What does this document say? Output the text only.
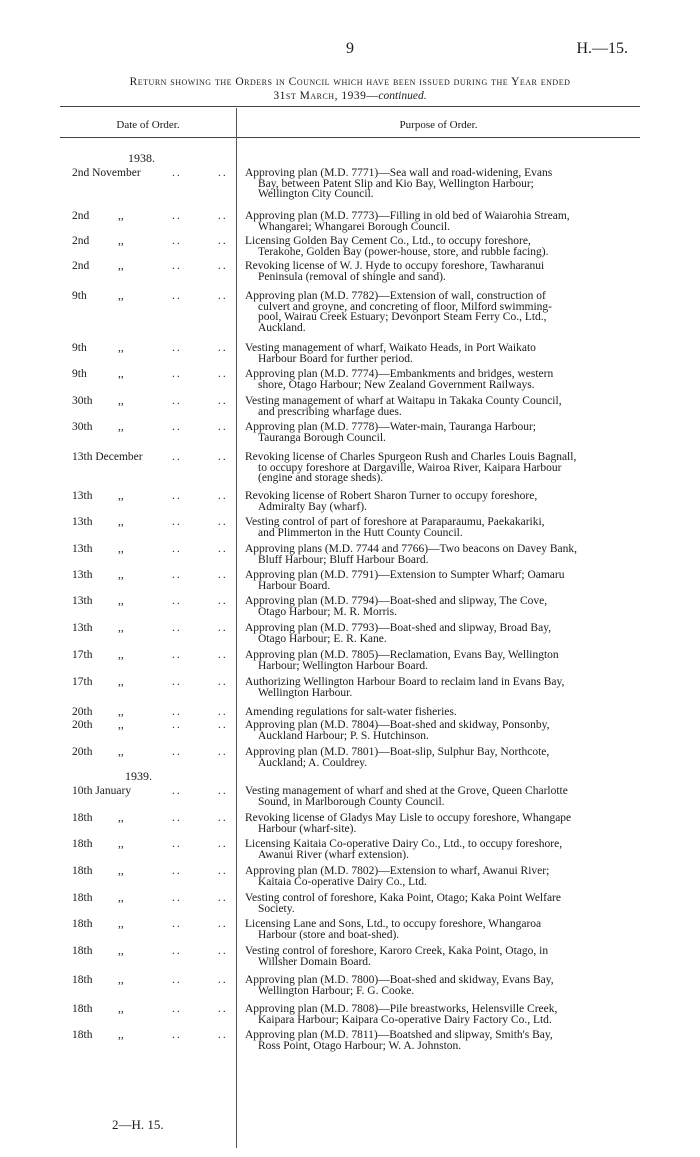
9	H.—15.
Return showing the Orders in Council which have been issued during the Year ended
31st March, 1939—continued.
Date of Order.	Purpose of Order.
1938.
1939.
2nd November	..	.. Approving plan (M.D. 7771)—Sea wall and road-widening, Evans
Bay, between Patent Slip and Kio Bay, Wellington Harbour;
Wellington City Council.
2nd	,,	..	.. Approving plan (M.D. 7773)—Filling in old bed of Waiarohia Stream,
Whangarei; Whangarei Borough Council.
2nd	,,	..	.. Licensing Golden Bay Cement Co., Ltd., to occupy foreshore,
Terakohe, Golden Bay (power-house, store, and rubble facing).
2nd	,,	..	.. Revoking license of W. J. Hyde to occupy foreshore, Tawharanui
Peninsula (removal of shingle and sand).
9th	,,	..	.. Approving plan (M.D. 7782)—Extension of wall, construction of
culvert and groyne, and concreting of floor, Milford swimming-
pool, Wairau Creek Estuary; Devonport Steam Ferry Co., Ltd.,
Auckland.
9th	,,	..	.. Vesting management of wharf, Waikato Heads, in Port Waikato
Harbour Board for further period.
9th	,,	..	.. Approving plan (M.D. 7774)—Embankments and bridges, western
shore, Otago Harbour; New Zealand Government Railways.
30th ,,	..	.. Vesting management of wharf at Waitapu in Takaka County Council,
and prescribing wharfage dues.
30th ,,	..	.. Approving plan (M.D. 7778)—Water-main, Tauranga Harbour;
Tauranga Borough Council.
13th December	..	.. Revoking license of Charles Spurgeon Rush and Charles Louis Bagnall,
to occupy foreshore at Dargaville, Wairoa River, Kaipara Harbour
(engine and storage sheds).
13th ,,	..	.. Revoking license of Robert Sharon Turner to occupy foreshore,
Admiralty Bay (wharf).
13th ,,	..	.. Vesting control of part of foreshore at Paraparaumu, Paekakariki,
and Plimmerton in the Hutt County Council.
13th ,,	..	.. Approving plans (M.D. 7744 and 7766)—Two beacons on Davey Bank,
Bluff Harbour; Bluff Harbour Board.
13th ,,	..	.. Approving plan (M.D. 7791)—Extension to Sumpter Wharf; Oamaru
Harbour Board.
13th ,,	..	.. Approving plan (M.D. 7794)—Boat-shed and slipway, The Cove,
Otago Harbour; M. R. Morris.
13th ,,	..	.. Approving plan (M.D. 7793)—Boat-shed and slipway, Broad Bay,
Otago Harbour; E. R. Kane.
17th ,,	..	.. Approving plan (M.D. 7805)—Reclamation, Evans Bay, Wellington
Harbour; Wellington Harbour Board.
17th ,,	..	.. Authorizing Wellington Harbour Board to reclaim land in Evans Bay,
Wellington Harbour.
20th ,,	..	.. Amending regulations for salt-water fisheries.
20th ,,	..	.. Approving plan (M.D. 7804)—Boat-shed and skidway, Ponsonby,
Auckland Harbour; P. S. Hutchinson.
20th ,,	..	.. Approving plan (M.D. 7801)—Boat-slip, Sulphur Bay, Northcote,
Auckland; A. Couldrey.
10th January	..	.. Vesting management of wharf and shed at the Grove, Queen Charlotte
Sound, in Marlborough County Council.
18th ,,	..	.. Revoking license of Gladys May Lisle to occupy foreshore, Whangape
Harbour (wharf-site).
18th ,,	..	.. Licensing Kaitaia Co-operative Dairy Co., Ltd., to occupy foreshore,
Awanui River (wharf extension).
18th ,,	..	.. Approving plan (M.D. 7802)—Extension to wharf, Awanui River;
Kaitaia Co-operative Dairy Co., Ltd.
18th ,,	..	.. Vesting control of foreshore, Kaka Point, Otago; Kaka Point Welfare
Society.
18th ,,	..	.. Licensing Lane and Sons, Ltd., to occupy foreshore, Whangaroa
Harbour (store and boat-shed).
18th ,,	..	.. Vesting control of foreshore, Karoro Creek, Kaka Point, Otago, in
Willsher Domain Board.
18th ,,	..	.. Approving plan (M.D. 7800)—Boat-shed and skidway, Evans Bay,
Wellington Harbour; F. G. Cooke.
18th ,,	..	.. Approving plan (M.D. 7808)—Pile breastworks, Helensville Creek,
Kaipara Harbour; Kaipara Co-operative Dairy Factory Co., Ltd.
18th ,,	..	.. Approving plan (M.D. 7811)—Boatshed and slipway, Smith's Bay,
Ross Point, Otago Harbour; W. A. Johnston.
2—H. 15.
